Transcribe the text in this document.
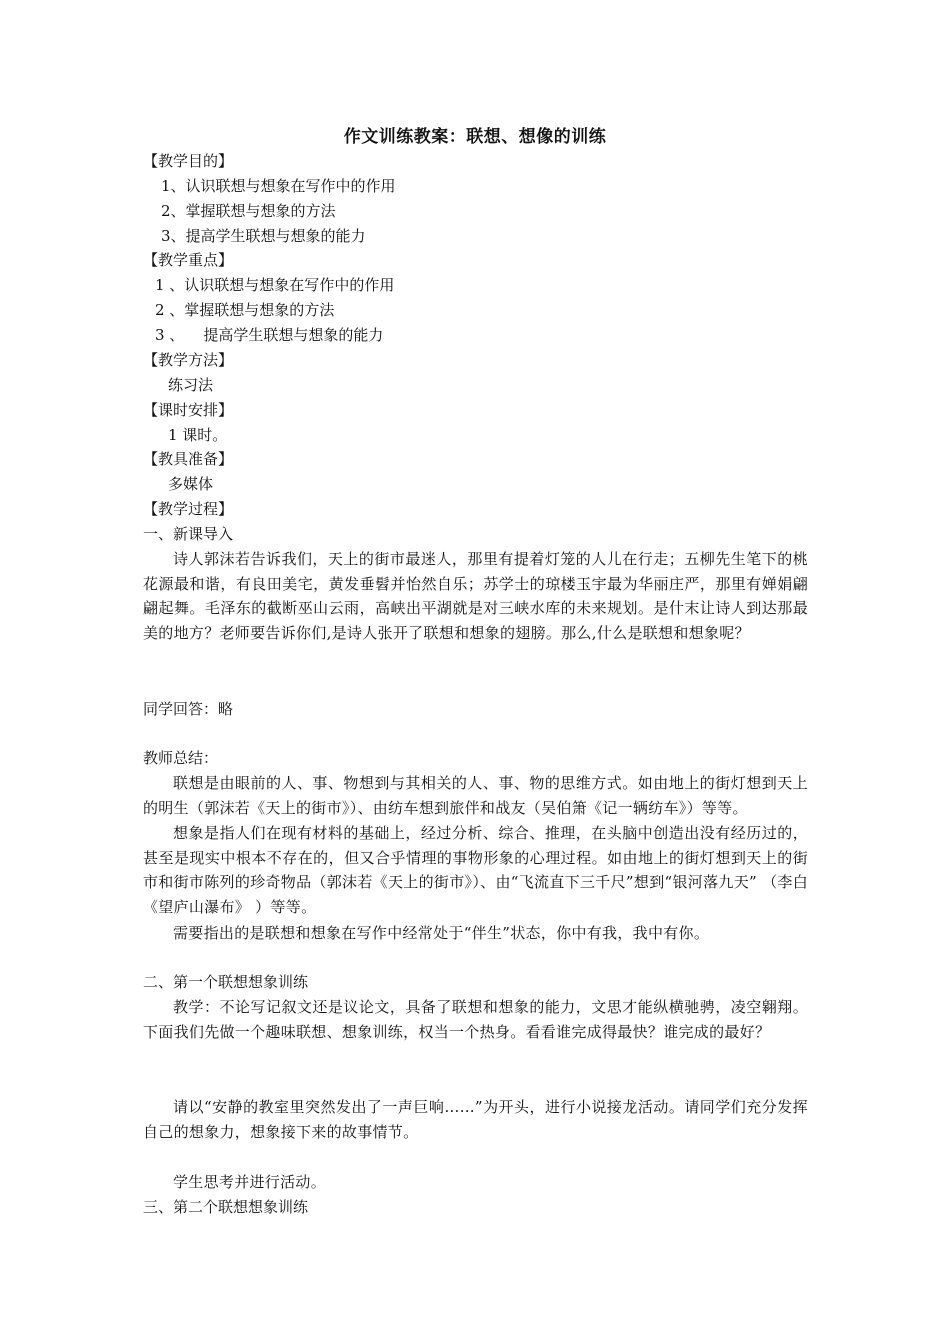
作文训练教案：联想、想像的训练
【教学目的】
1、认识联想与想象在写作中的作用
2、掌握联想与想象的方法
3、提高学生联想与想象的能力
【教学重点】
1 、认识联想与想象在写作中的作用
2 、掌握联想与想象的方法
3 、    提高学生联想与想象的能力
【教学方法】
练习法
【课时安排】
1 课时。
【教具准备】
多媒体
【教学过程】
一、新课导入
诗人郭沫若告诉我们，天上的街市最迷人，那里有提着灯笼的人儿在行走；五柳先生笔下的桃花源最和谐，有良田美宅，黄发垂髫并怡然自乐；苏学士的琼楼玉宇最为华丽庄严，那里有婵娟翩翩起舞。毛泽东的截断巫山云雨，高峡出平湖就是对三峡水库的未来规划。是什末让诗人到达那最美的地方？老师要告诉你们,是诗人张开了联想和想象的翅膀。那么,什么是联想和想象呢？
同学回答：略
教师总结：
联想是由眼前的人、事、物想到与其相关的人、事、物的思维方式。如由地上的街灯想到天上的明生（郭沫若《天上的街市》）、由纺车想到旅伴和战友（吴伯箫《记一辆纺车》）等等。
想象是指人们在现有材料的基础上，经过分析、综合、推理，在头脑中创造出没有经历过的，甚至是现实中根本不存在的，但又合乎情理的事物形象的心理过程。如由地上的街灯想到天上的街市和街市陈列的珍奇物品（郭沫若《天上的街市》）、由“飞流直下三千尺”想到“银河落九天” （李白《望庐山瀑布》 ）等等。
需要指出的是联想和想象在写作中经常处于“伴生”状态，你中有我，我中有你。
二、第一个联想想象训练
教学：不论写记叙文还是议论文，具备了联想和想象的能力，文思才能纵横驰骋，凌空翱翔。下面我们先做一个趣味联想、想象训练，权当一个热身。看看谁完成得最快？谁完成的最好？
请以“安静的教室里突然发出了一声巨响……”为开头，进行小说接龙活动。请同学们充分发挥自己的想象力，想象接下来的故事情节。
学生思考并进行活动。
三、第二个联想想象训练
